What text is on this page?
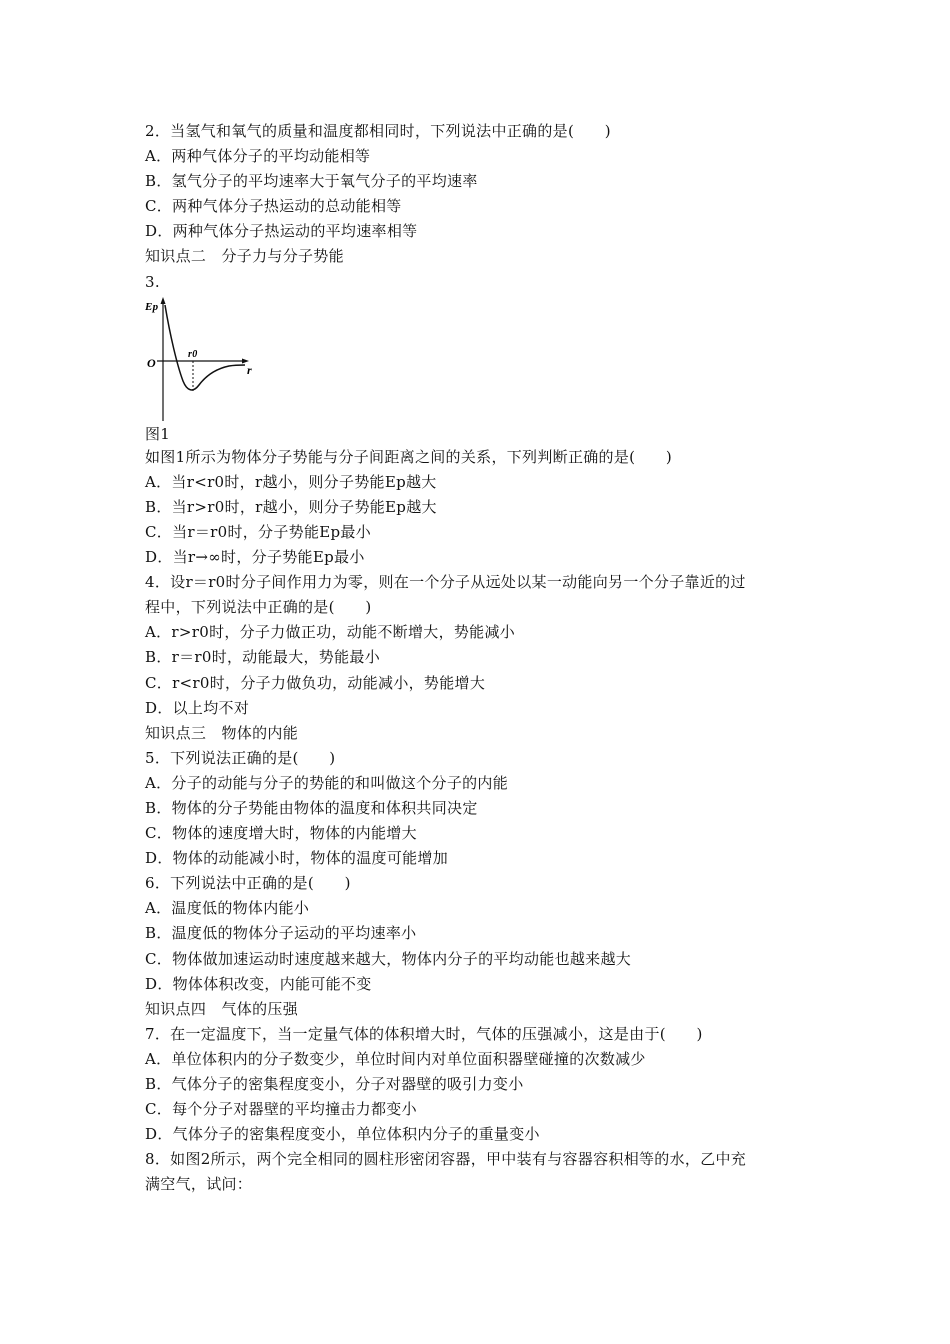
2．当氢气和氧气的质量和温度都相同时，下列说法中正确的是(　　)
A．两种气体分子的平均动能相等
B．氢气分子的平均速率大于氧气分子的平均速率
C．两种气体分子热运动的总动能相等
D．两种气体分子热运动的平均速率相等
知识点二　分子力与分子势能
3.
Ep
O	r
r0
图1
如图1所示为物体分子势能与分子间距离之间的关系，下列判断正确的是(　　)
A．当r<r0时，r越小，则分子势能Ep越大
B．当r>r0时，r越小，则分子势能Ep越大
C．当r＝r0时，分子势能Ep最小
D．当r→∞时，分子势能Ep最小
4．设r＝r0时分子间作用力为零，则在一个分子从远处以某一动能向另一个分子靠近的过
程中，下列说法中正确的是(　　)
A．r>r0时，分子力做正功，动能不断增大，势能减小
B．r＝r0时，动能最大，势能最小
C．r<r0时，分子力做负功，动能减小，势能增大
D．以上均不对
知识点三　物体的内能
5．下列说法正确的是(　　)
A．分子的动能与分子的势能的和叫做这个分子的内能
B．物体的分子势能由物体的温度和体积共同决定
C．物体的速度增大时，物体的内能增大
D．物体的动能减小时，物体的温度可能增加
6．下列说法中正确的是(　　)
A．温度低的物体内能小
B．温度低的物体分子运动的平均速率小
C．物体做加速运动时速度越来越大，物体内分子的平均动能也越来越大
D．物体体积改变，内能可能不变
知识点四　气体的压强
7．在一定温度下，当一定量气体的体积增大时，气体的压强减小，这是由于(　　)
A．单位体积内的分子数变少，单位时间内对单位面积器壁碰撞的次数减少
B．气体分子的密集程度变小，分子对器壁的吸引力变小
C．每个分子对器壁的平均撞击力都变小
D．气体分子的密集程度变小，单位体积内分子的重量变小
8．如图2所示，两个完全相同的圆柱形密闭容器，甲中装有与容器容积相等的水，乙中充
满空气，试问：
